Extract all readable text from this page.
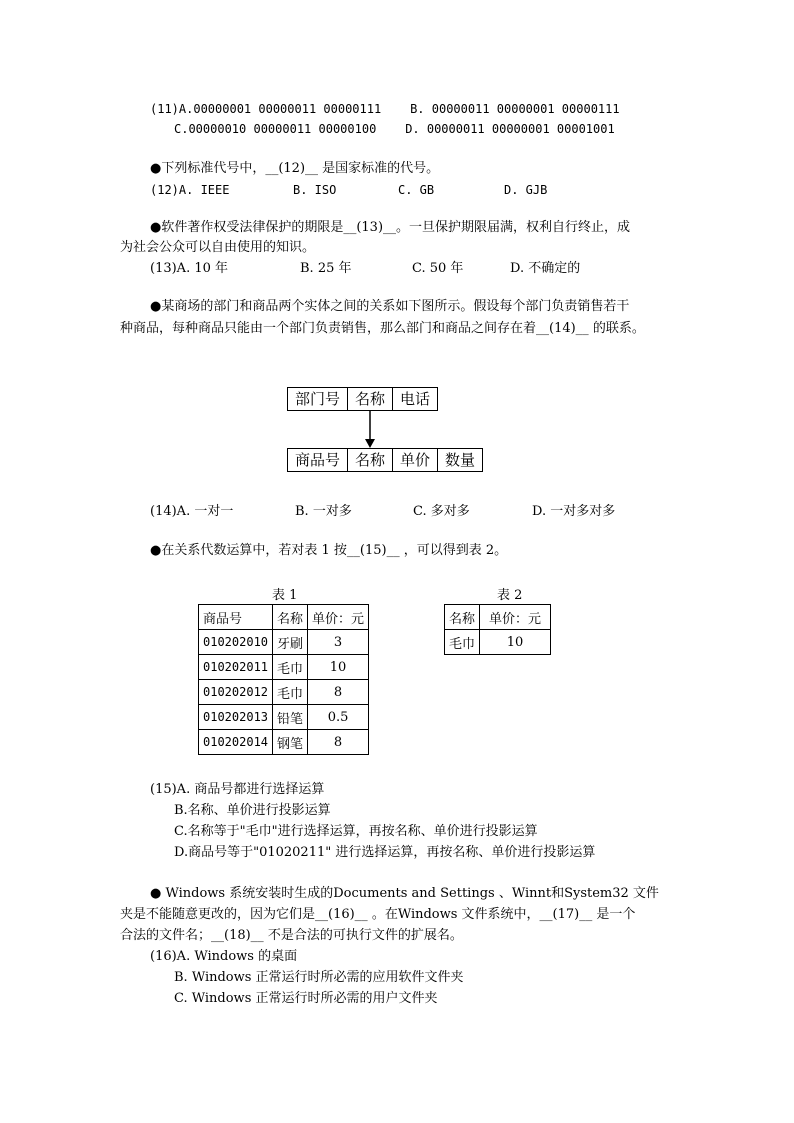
(11)A.00000001 00000011 00000111    B. 00000011 00000001 00000111
C.00000010 00000011 00000100    D. 00000011 00000001 00001001
●下列标准代号中，__(12)__ 是国家标准的代号。
(12)A. IEEE	B. ISO	C. GB	D. GJB
●软件著作权受法律保护的期限是__(13)__。一旦保护期限届满，权利自行终止，成
为社会公众可以自由使用的知识。
(13)A. 10 年	B. 25 年	C. 50 年	D. 不确定的
●某商场的部门和商品两个实体之间的关系如下图所示。假设每个部门负责销售若干
种商品，每种商品只能由一个部门负责销售，那么部门和商品之间存在着__(14)__ 的联系。
部门号	名称	电话
商品号	名称	单价	数量
(14)A. 一对一	B. 一对多	C. 多对多	D. 一对多对多
●在关系代数运算中，若对表 1 按__(15)__ ，可以得到表 2。
表 1
商品号	名称	单价：元
010202010	牙刷	3
010202011	毛巾	10
010202012	毛巾	8
010202013	铅笔	0.5
010202014	钢笔	8
表 2
名称	单价：元
毛巾	10
(15)A. 商品号都进行选择运算
B.名称、单价进行投影运算
C.名称等于"毛巾"进行选择运算，再按名称、单价进行投影运算
D.商品号等于"01020211" 进行选择运算，再按名称、单价进行投影运算
● Windows 系统安装时生成的Documents and Settings 、Winnt和System32 文件
夹是不能随意更改的，因为它们是__(16)__ 。在Windows 文件系统中，__(17)__ 是一个
合法的文件名；__(18)__ 不是合法的可执行文件的扩展名。
(16)A. Windows 的桌面
B. Windows 正常运行时所必需的应用软件文件夹
C. Windows 正常运行时所必需的用户文件夹
